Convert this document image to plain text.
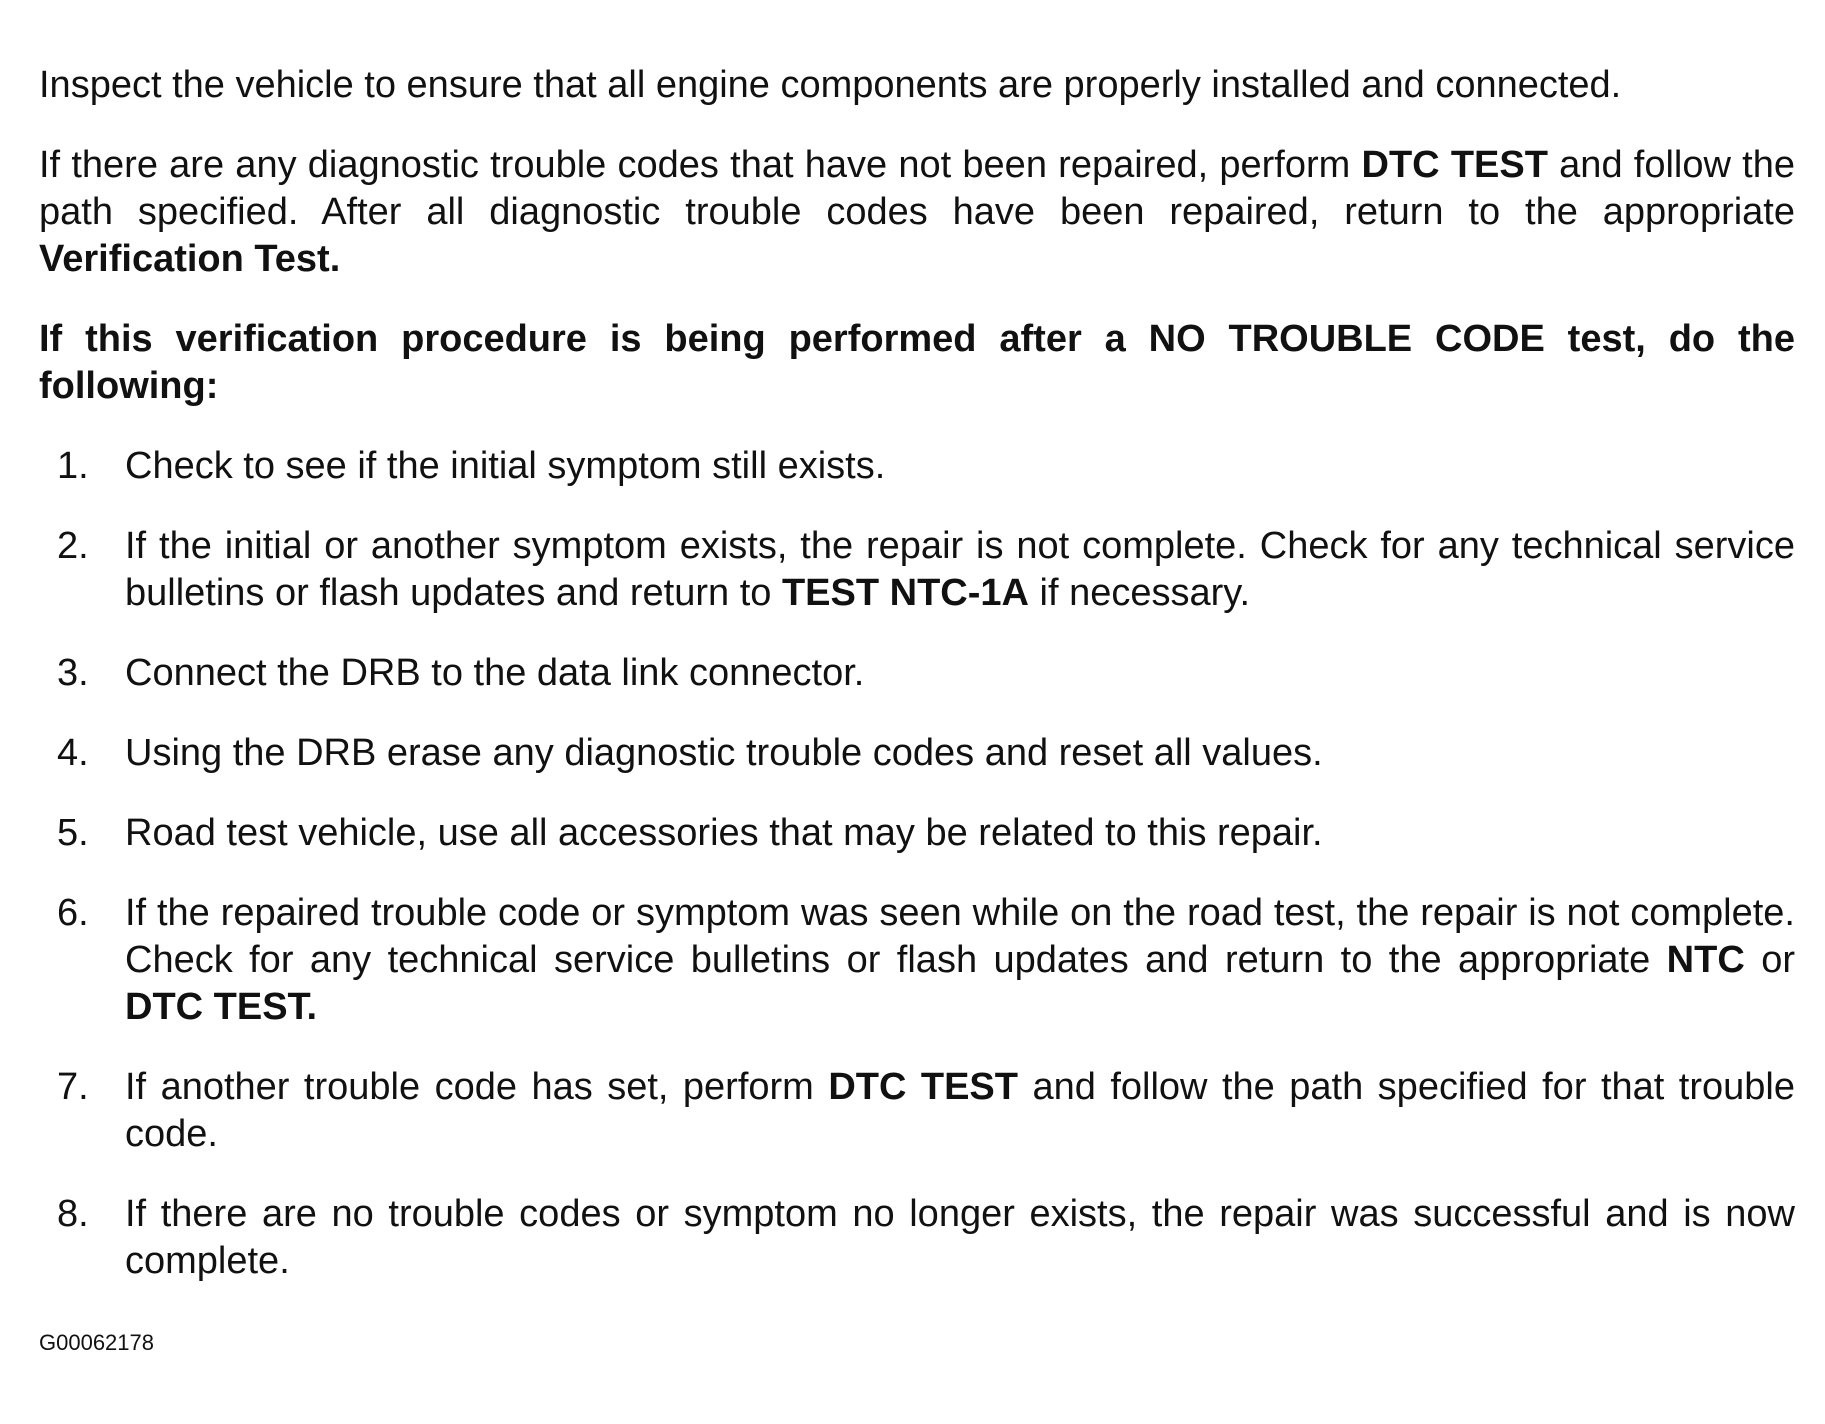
Inspect the vehicle to ensure that all engine components are properly installed and connected.

If there are any diagnostic trouble codes that have not been repaired, perform DTC TEST and follow the path specified. After all diagnostic trouble codes have been repaired, return to the appropriate Verification Test.

If this verification procedure is being performed after a NO TROUBLE CODE test, do the following:

1. Check to see if the initial symptom still exists.
2. If the initial or another symptom exists, the repair is not complete. Check for any technical service bulletins or flash updates and return to TEST NTC-1A if necessary.
3. Connect the DRB to the data link connector.
4. Using the DRB erase any diagnostic trouble codes and reset all values.
5. Road test vehicle, use all accessories that may be related to this repair.
6. If the repaired trouble code or symptom was seen while on the road test, the repair is not complete. Check for any technical service bulletins or flash updates and return to the appropriate NTC or DTC TEST.
7. If another trouble code has set, perform DTC TEST and follow the path specified for that trouble code.
8. If there are no trouble codes or symptom no longer exists, the repair was successful and is now complete.
G00062178
